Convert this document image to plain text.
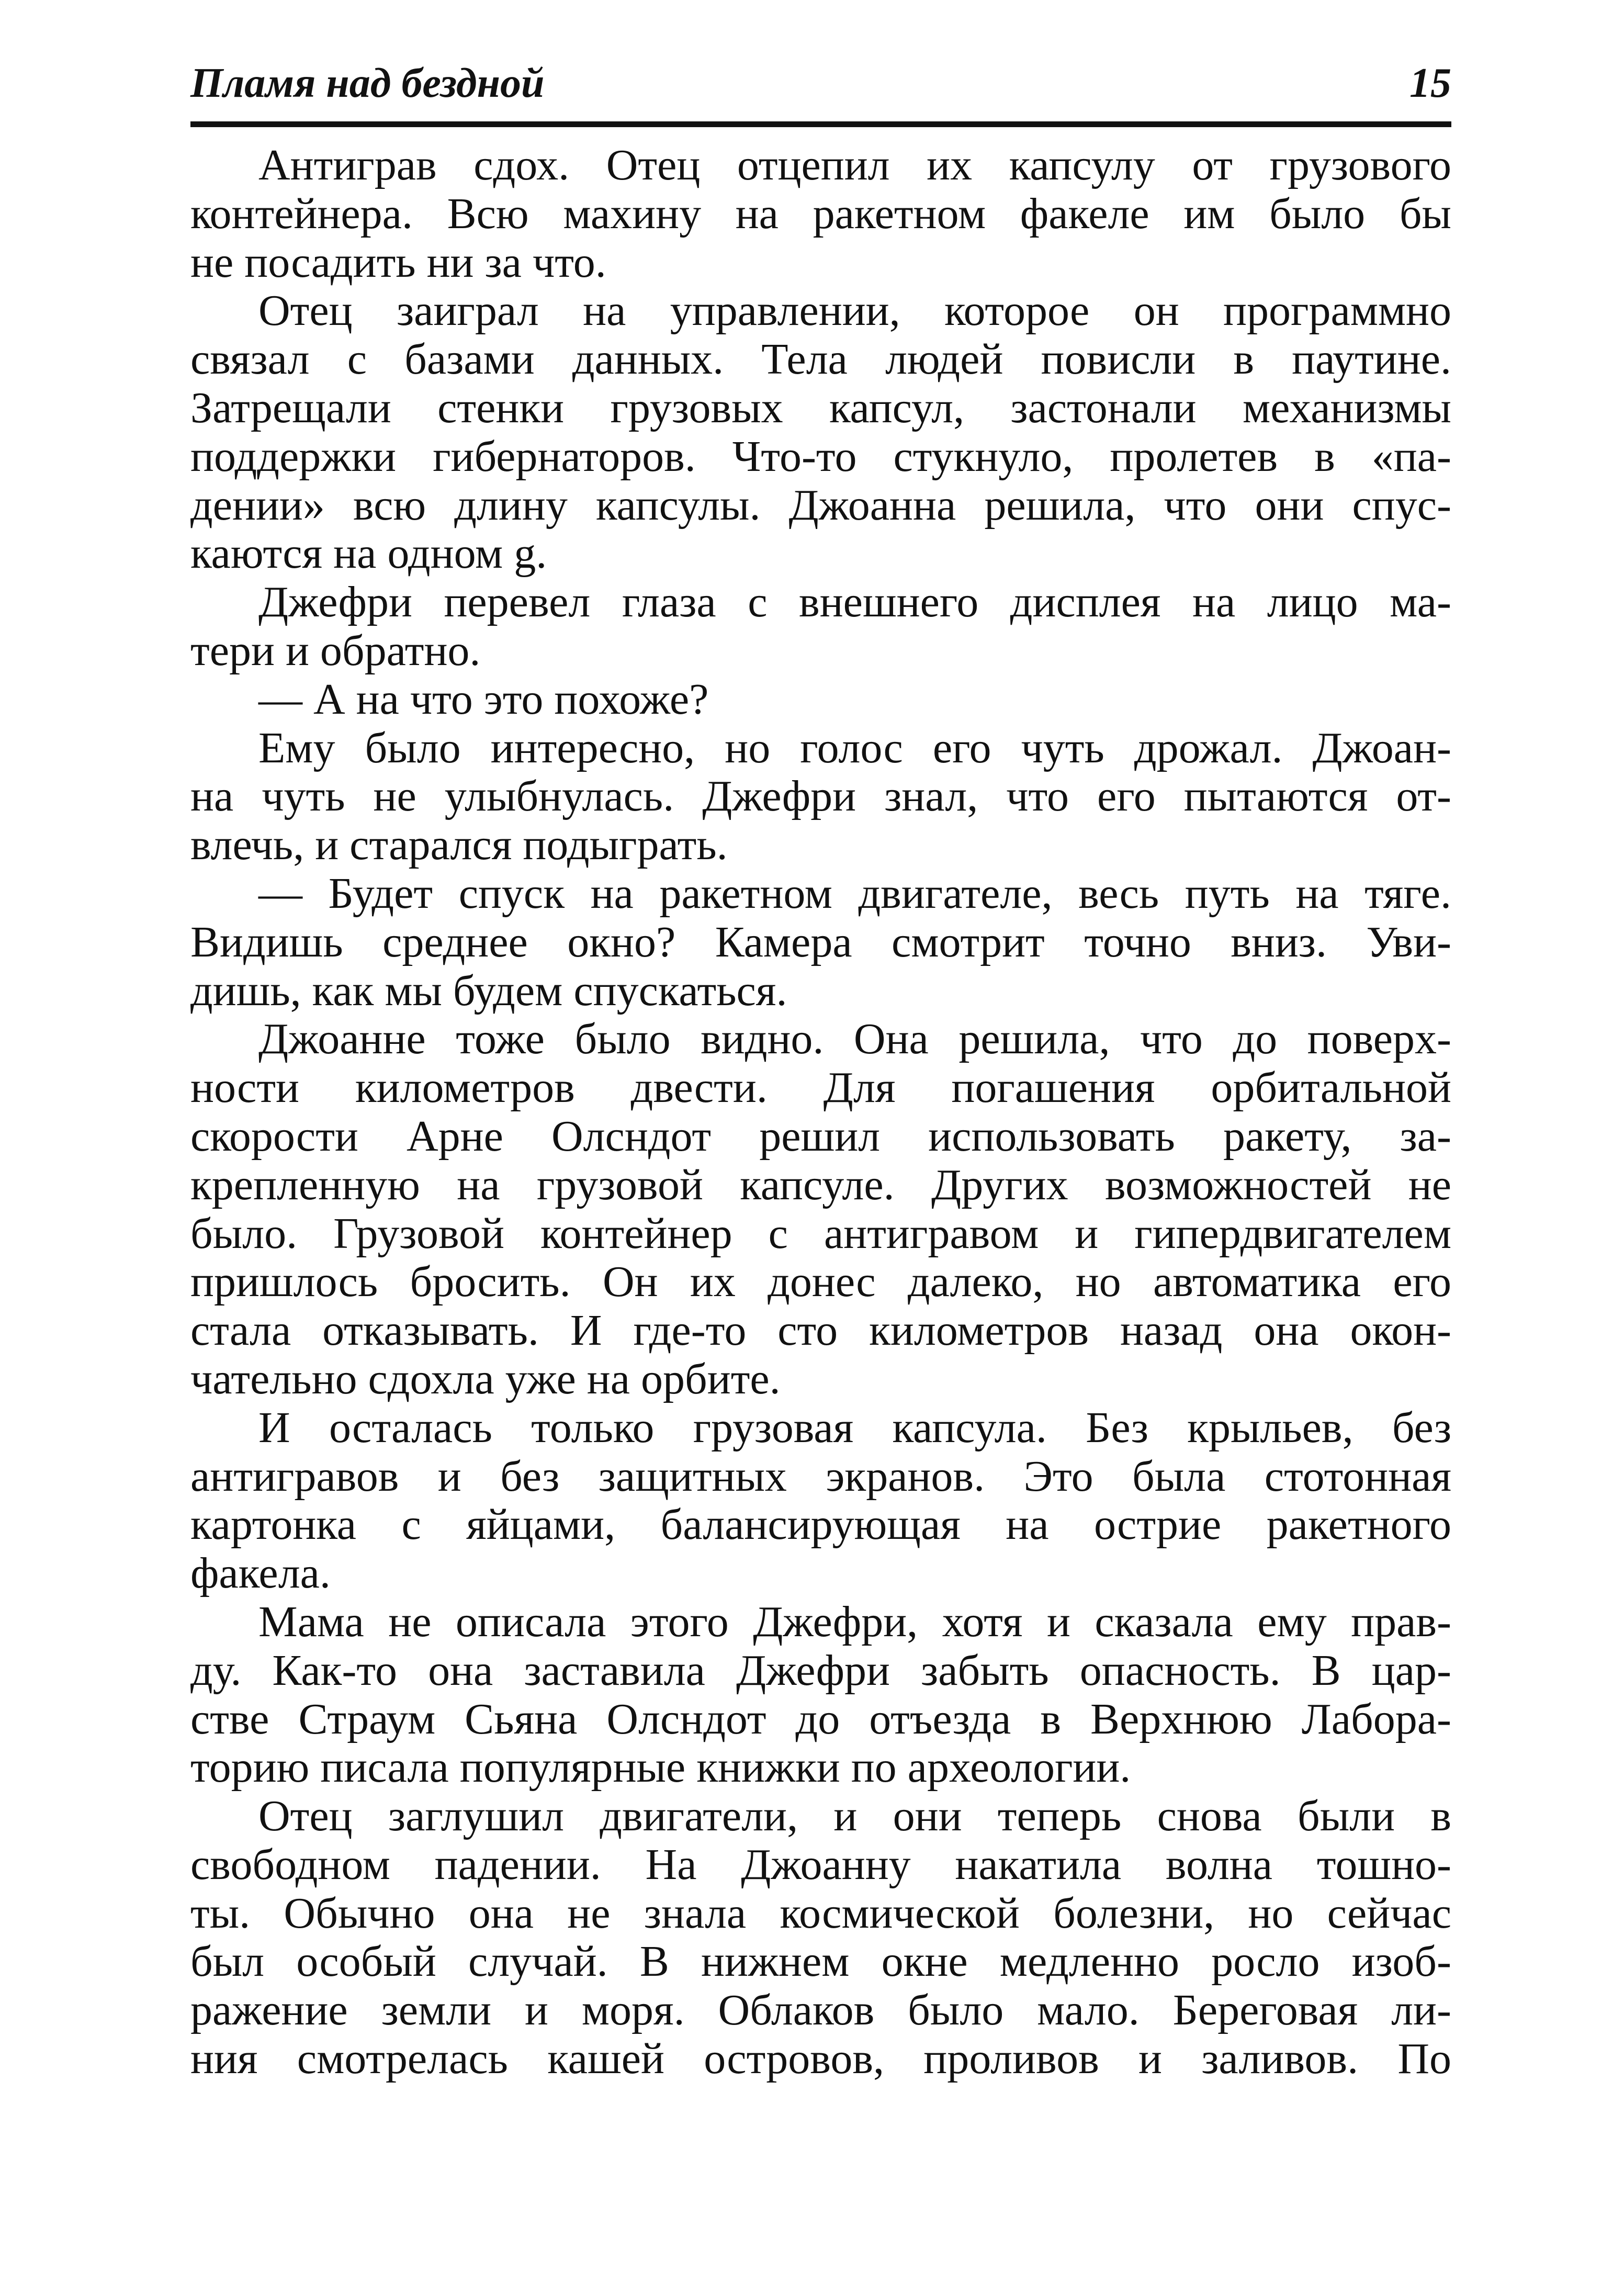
Пламя над бездной	15
Антиграв сдох. Отец отцепил их капсулу от грузового
контейнера. Всю махину на ракетном факеле им было бы
не посадить ни за что.
Отец заиграл на управлении, которое он программно
связал с базами данных. Тела людей повисли в паутине.
Затрещали стенки грузовых капсул, застонали механизмы
поддержки гибернаторов. Что-то стукнуло, пролетев в «па-
дении» всю длину капсулы. Джоанна решила, что они спус-
каются на одном g.
Джефри перевел глаза с внешнего дисплея на лицо ма-
тери и обратно.
— А на что это похоже?
Ему было интересно, но голос его чуть дрожал. Джоан-
на чуть не улыбнулась. Джефри знал, что его пытаются от-
влечь, и старался подыграть.
— Будет спуск на ракетном двигателе, весь путь на тяге.
Видишь среднее окно? Камера смотрит точно вниз. Уви-
дишь, как мы будем спускаться.
Джоанне тоже было видно. Она решила, что до поверх-
ности километров двести. Для погашения орбитальной
скорости Арне Олсндот решил использовать ракету, за-
крепленную на грузовой капсуле. Других возможностей не
было. Грузовой контейнер с антигравом и гипердвигателем
пришлось бросить. Он их донес далеко, но автоматика его
стала отказывать. И где-то сто километров назад она окон-
чательно сдохла уже на орбите.
И осталась только грузовая капсула. Без крыльев, без
антигравов и без защитных экранов. Это была стотонная
картонка с яйцами, балансирующая на острие ракетного
факела.
Мама не описала этого Джефри, хотя и сказала ему прав-
ду. Как-то она заставила Джефри забыть опасность. В цар-
стве Страум Сьяна Олсндот до отъезда в Верхнюю Лабора-
торию писала популярные книжки по археологии.
Отец заглушил двигатели, и они теперь снова были в
свободном падении. На Джоанну накатила волна тошно-
ты. Обычно она не знала космической болезни, но сейчас
был особый случай. В нижнем окне медленно росло изоб-
ражение земли и моря. Облаков было мало. Береговая ли-
ния смотрелась кашей островов, проливов и заливов. По
